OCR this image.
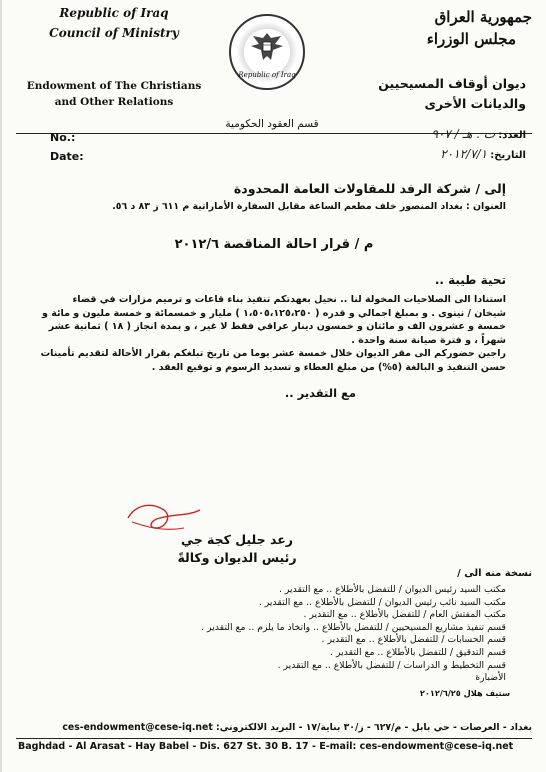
Republic of Iraq
Council of Ministry
Endowment of The Christians
and Other Relations
Republic of Iraq
جمهورية العراق
مجلس الوزراء
ديوان أوقاف المسيحيين
والديانات الأخرى
قسم العقود الحكومية
No.:
Date:
العدد: ت . هـ / ٩٠٧
التاريخ: ٢٠١٢/٧/١
إلى / شركة الرفد للمقاولات العامة المحدودة
العنوان : بغداد المنصور خلف مطعم الساعة مقابل السفارة الأماراتية م ٦١١ ز ٨٣ د ٥٦.
م / قرار احالة المناقصة ٢٠١٢/٦
تحية طيبة ..

استنادا الى الصلاحيات المخولة لنا .. نحيل بعهدتكم تنفيذ بناء قاعات و ترميم مزارات في قضاء شيخان / نينوى . و بمبلغ اجمالي و قدره ( ١،٥٠٥،١٢٥،٢٥٠ ) مليار و خمسمائة و خمسة مليون و مائة و خمسة و عشرون الف و مائتان و خمسون دينار عراقي فقط لا غير ، و بمدة انجاز ( ١٨ ) ثمانية عشر شهراً ، و فترة صيانة سنة واحدة .

راجين حضوركم الى مقر الديوان خلال خمسة عشر يوما من تاريخ تبلغكم بقرار الأحالة لتقديم تأمينات حسن التنفيذ و البالغة (٥%) من مبلغ العطاء و تسديد الرسوم و توقيع العقد .

مع التقدير ..
رعد جليل كجة جي
رئيس الديوان وكالةً
نسخة منه الى /
مكتب السيد رئيس الديوان / للتفضل بالأطلاع .. مع التقدير .
مكتب السيد نائب رئيس الديوان / للتفضل بالأطلاع .. مع التقدير .
مكتب المفتش العام / للتفضل بالأطلاع .. مع التقدير .
قسم تنفيذ مشاريع المسيحيين / للتفضل بالأطلاع .. واتخاذ ما يلزم .. مع التقدير .
قسم الحسابات / للتفضل بالأطلاع .. مع التقدير .
قسم التدقيق / للتفضل بالأطلاع .. مع التقدير .
قسم التخطيط و الدراسات / للتفضل بالأطلاع .. مع التقدير .
الأضبارة
ستيف هلال ٢٠١٢/٦/٢٥
بغداد - العرصات - حي بابل - م/٦٢٧ - ز/٣٠ بناية/١٧ - البريد الالكتروني: ces-endowment@cese-iq.net
Baghdad - Al Arasat - Hay Babel - Dis. 627 St. 30 B. 17 - E-mail: ces-endowment@cese-iq.net
